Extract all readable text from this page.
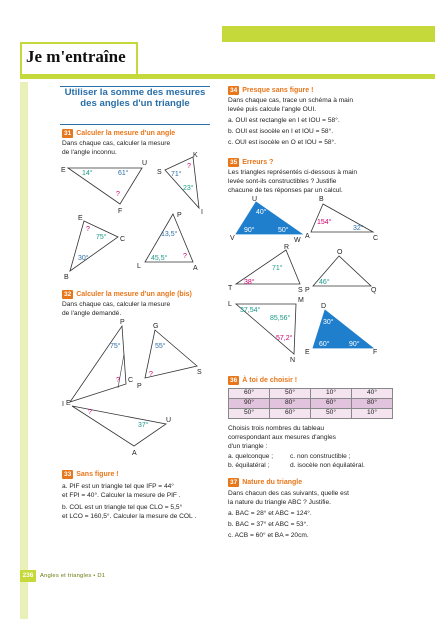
Je m'entraîne
Utiliser la somme des mesures des angles d'un triangle
31 Calculer la mesure d'un angle
Dans chaque cas, calculer la mesure
de l'angle inconnu.
E
U
F
14°	61°
?
S
K
I
71°
23°
?
E
C
B
75°
30°
?
P
L	A
13,5°
45,5° ?
32 Calculer la mesure d'un angle (bis)
Dans chaque cas, calculer la mesure
de l'angle demandé.
P
C
I
75°
?
G
S
P
55°
?
E
U
A
37°
?
33 Sans figure !
a. PIF est un triangle tel que IFP = 44°
et FPI = 40°. Calculer la mesure de PIF .
b. COL est un triangle tel que CLO = 5,5°
et LCO = 160,5°. Calculer la mesure de COL .
34 Presque sans figure !
Dans chaque cas, trace un schéma à main
levée puis calcule l'angle OUI.
a. OUI est rectangle en I et IOU = 58°.
b. OUI est isocèle en I et IOU = 58°.
c. OUI est isocèle en O et IOU = 58°.
35 Erreurs ?
Les triangles représentés ci-dessous à main
levée sont-ils constructibles ? Justifie
chacune de tes réponses par un calcul.
U
V	W
40°
90°	50°
B
A	C
154°
32°
R
T	S
71°
38°
O
P	Q
46°
L
M
N
37,54°
85,56°
57,2°
D
E	F
30°
60°	90°
36 À toi de choisir !
60°	50°	10°	40°
90°	80°	60°	80°
50°	60°	50°	10°
Choisis trois nombres du tableau
correspondant aux mesures d'angles
d'un triangle :
a. quelconque ;
b. équilatéral ;
c. non constructible ;
d. isocèle non équilatéral.
37 Nature du triangle
Dans chacun des cas suivants, quelle est
la nature du triangle ABC ? Justifie.
a. BAC = 28° et ABC = 124°.
b. BAC = 37° et ABC = 53°.
c. ACB = 60° et BA = 20cm.
236	Angles et triangles • D1
